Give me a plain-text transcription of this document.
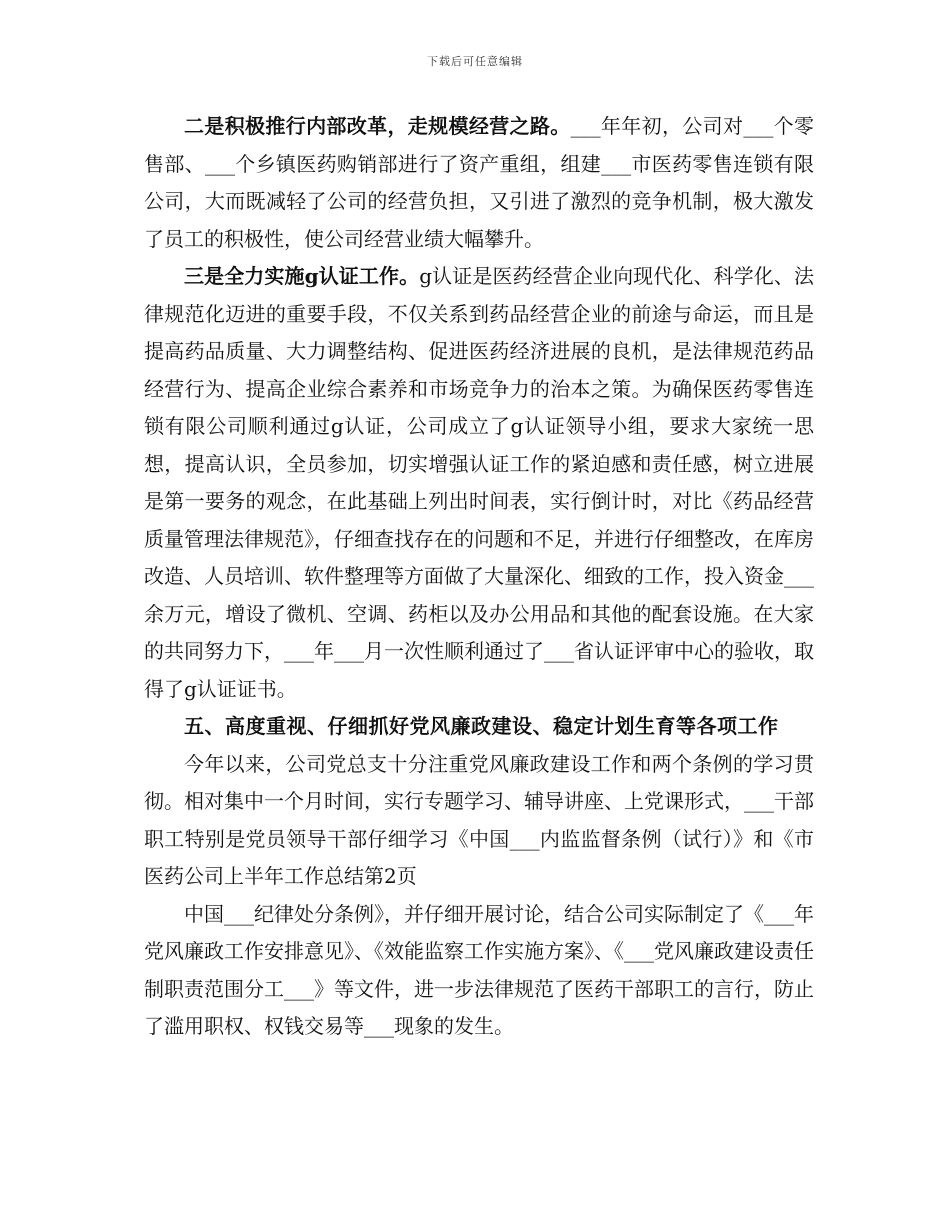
下载后可任意编辑

二是积极推行内部改革，走规模经营之路。___年年初，公司对___个零售部、___个乡镇医药购销部进行了资产重组，组建___市医药零售连锁有限公司，大而既减轻了公司的经营负担，又引进了激烈的竞争机制，极大激发了员工的积极性，使公司经营业绩大幅攀升。

三是全力实施g认证工作。g认证是医药经营企业向现代化、科学化、法律规范化迈进的重要手段，不仅关系到药品经营企业的前途与命运，而且是提高药品质量、大力调整结构、促进医药经济进展的良机，是法律规范药品经营行为、提高企业综合素养和市场竞争力的治本之策。为确保医药零售连锁有限公司顺利通过g认证，公司成立了g认证领导小组，要求大家统一思想，提高认识，全员参加，切实增强认证工作的紧迫感和责任感，树立进展是第一要务的观念，在此基础上列出时间表，实行倒计时，对比《药品经营质量管理法律规范》，仔细查找存在的问题和不足，并进行仔细整改，在库房改造、人员培训、软件整理等方面做了大量深化、细致的工作，投入资金___余万元，增设了微机、空调、药柜以及办公用品和其他的配套设施。在大家的共同努力下，___年___月一次性顺利通过了___省认证评审中心的验收，取得了g认证证书。

五、高度重视、仔细抓好党风廉政建设、稳定计划生育等各项工作

今年以来，公司党总支十分注重党风廉政建设工作和两个条例的学习贯彻。相对集中一个月时间，实行专题学习、辅导讲座、上党课形式，___干部职工特别是党员领导干部仔细学习《中国___内监监督条例（试行）》和《市医药公司上半年工作总结第2页

中国___纪律处分条例》，并仔细开展讨论，结合公司实际制定了《___年党风廉政工作安排意见》、《效能监察工作实施方案》、《___党风廉政建设责任制职责范围分工___》等文件，进一步法律规范了医药干部职工的言行，防止了滥用职权、权钱交易等___现象的发生。
